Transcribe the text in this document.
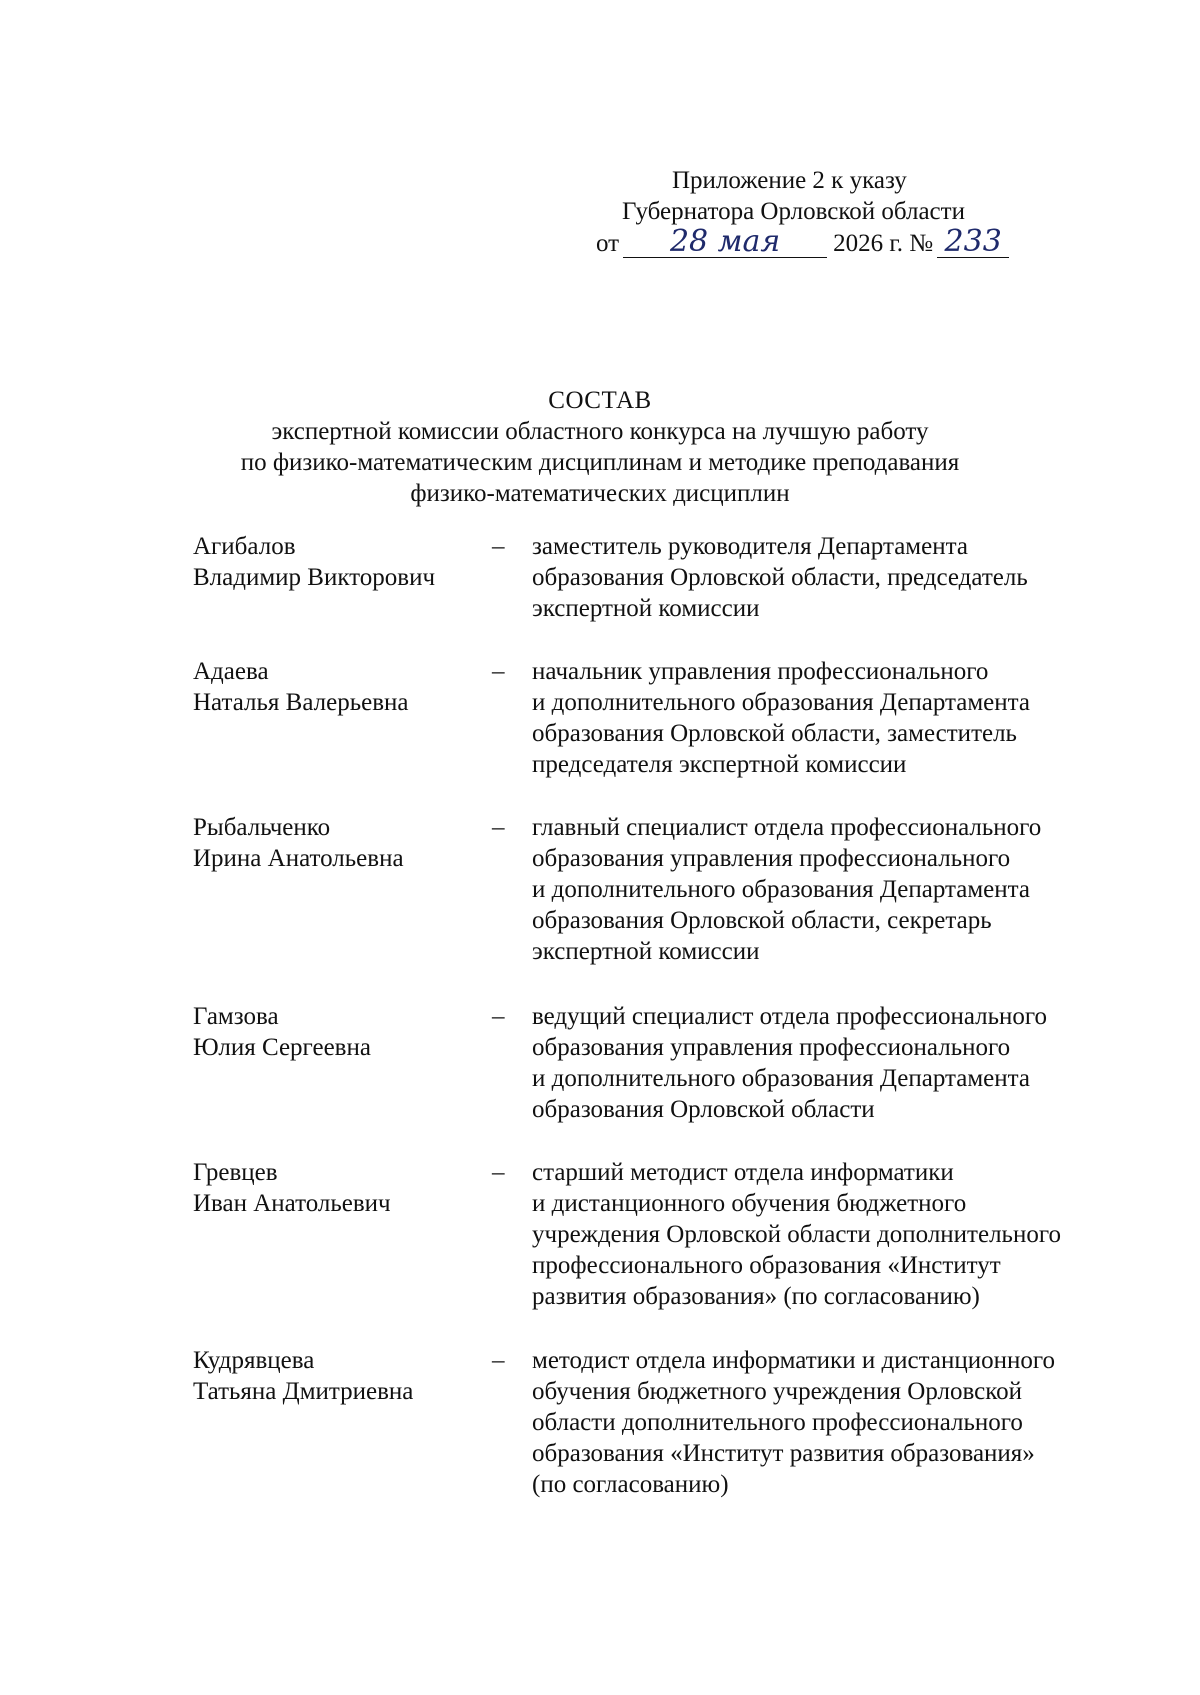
Приложение 2 к указу
Губернатора Орловской области
от	28 мая	2026 г. № 233
СОСТАВ
экспертной комиссии областного конкурса на лучшую работу
по физико-математическим дисциплинам и методике преподавания
физико-математических дисциплин
Агибалов
Владимир Викторович
– заместитель руководителя Департамента
образования Орловской области, председатель
экспертной комиссии
Адаева
Наталья Валерьевна
– начальник управления профессионального
и дополнительного образования Департамента
образования Орловской области, заместитель
председателя экспертной комиссии
Рыбальченко
Ирина Анатольевна
– главный специалист отдела профессионального
образования управления профессионального
и дополнительного образования Департамента
образования Орловской области, секретарь
экспертной комиссии
Гамзова
Юлия Сергеевна
– ведущий специалист отдела профессионального
образования управления профессионального
и дополнительного образования Департамента
образования Орловской области
Гревцев
Иван Анатольевич
– старший методист отдела информатики
и дистанционного обучения бюджетного
учреждения Орловской области дополнительного
профессионального образования «Институт
развития образования» (по согласованию)
Кудрявцева
Татьяна Дмитриевна
– методист отдела информатики и дистанционного
обучения бюджетного учреждения Орловской
области дополнительного профессионального
образования «Институт развития образования»
(по согласованию)
